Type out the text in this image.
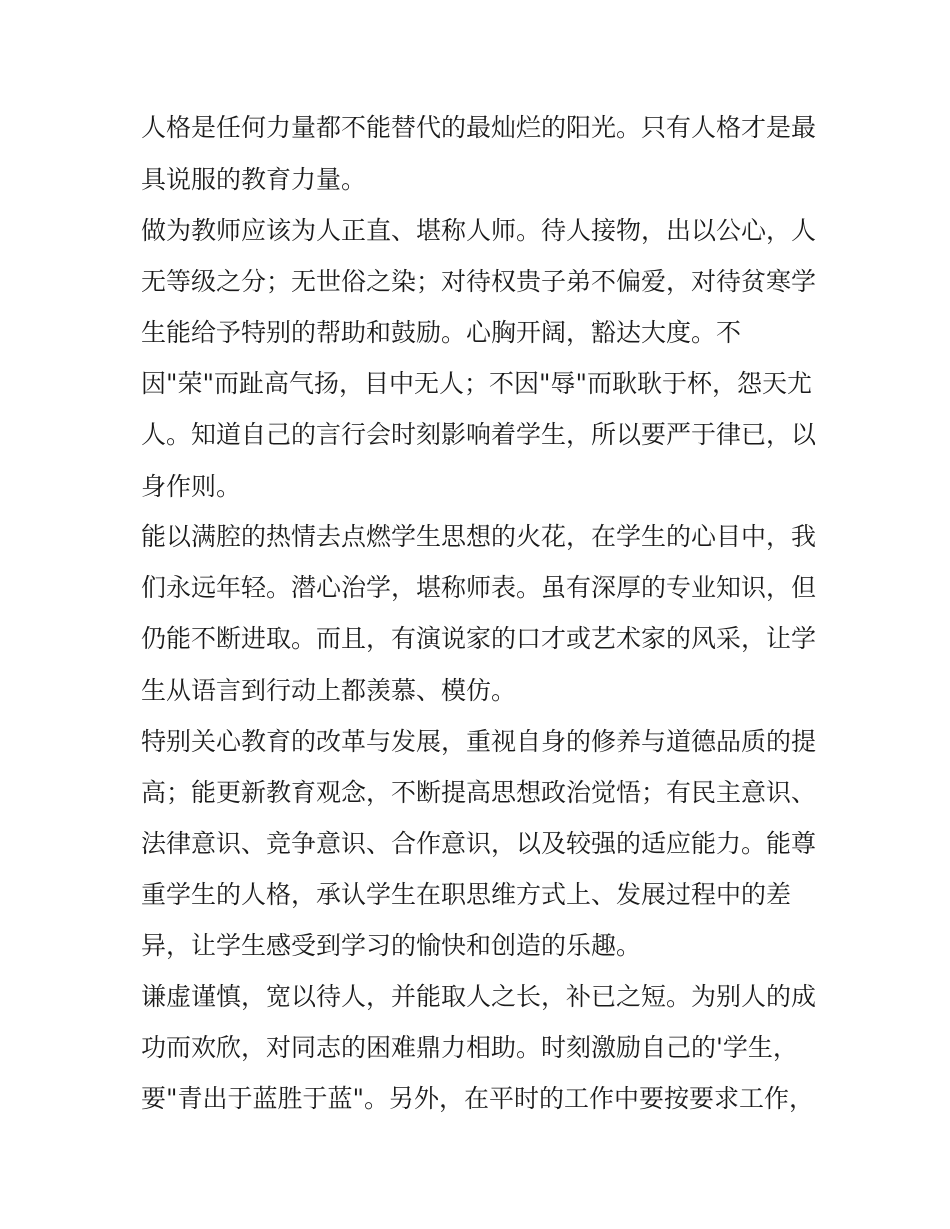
人格是任何力量都不能替代的最灿烂的阳光。只有人格才是最
具说服的教育力量。
做为教师应该为人正直、堪称人师。待人接物，出以公心，人
无等级之分；无世俗之染；对待权贵子弟不偏爱，对待贫寒学
生能给予特别的帮助和鼓励。心胸开阔，豁达大度。不
因"荣"而趾高气扬，目中无人；不因"辱"而耿耿于杯，怨天尤
人。知道自己的言行会时刻影响着学生，所以要严于律已，以
身作则。
能以满腔的热情去点燃学生思想的火花，在学生的心目中，我
们永远年轻。潜心治学，堪称师表。虽有深厚的专业知识，但
仍能不断进取。而且，有演说家的口才或艺术家的风采，让学
生从语言到行动上都羡慕、模仿。
特别关心教育的改革与发展，重视自身的修养与道德品质的提
高；能更新教育观念，不断提高思想政治觉悟；有民主意识、
法律意识、竞争意识、合作意识，以及较强的适应能力。能尊
重学生的人格，承认学生在职思维方式上、发展过程中的差
异，让学生感受到学习的愉快和创造的乐趣。
谦虚谨慎，宽以待人，并能取人之长，补已之短。为别人的成
功而欢欣，对同志的困难鼎力相助。时刻激励自己的'学生，
要"青出于蓝胜于蓝"。另外，在平时的工作中要按要求工作，
